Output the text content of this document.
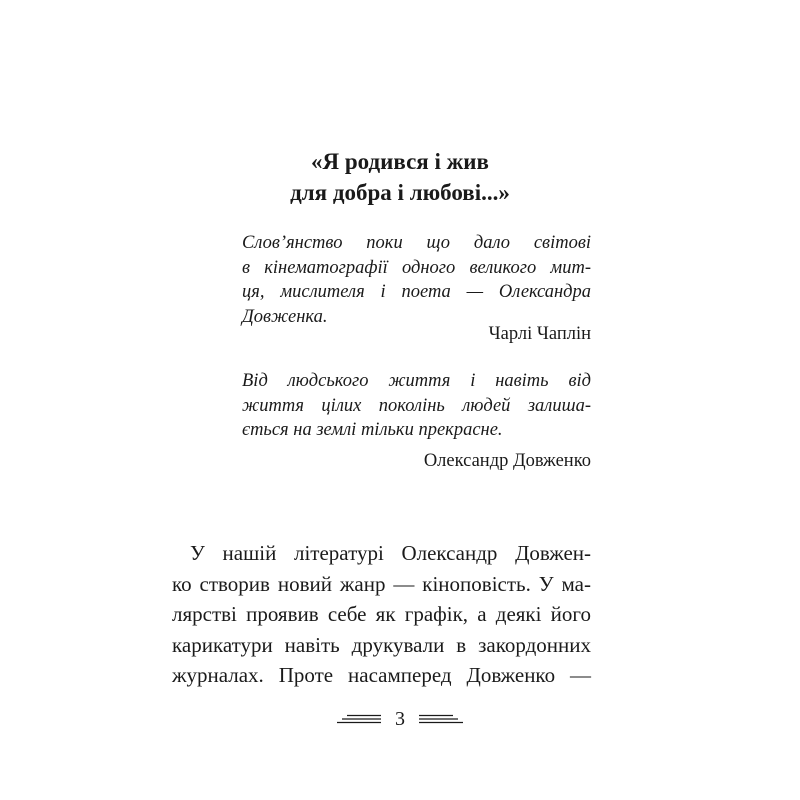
«Я родився і жив
для добра і любові...»
Слов’янство поки що дало світові
в кінематографії одного великого мит-
ця, мислителя і поета — Олександра
Довженка.
Чарлі Чаплін
Від людського життя і навіть від
життя цілих поколінь людей залиша-
ється на землі тільки прекрасне.
Олександр Довженко
У нашій літературі Олександр Довжен-
ко створив новий жанр — кіноповість. У ма-
лярстві проявив себе як графік, а деякі його
карикатури навіть друкували в закордонних
журналах. Проте насамперед Довженко —
3
